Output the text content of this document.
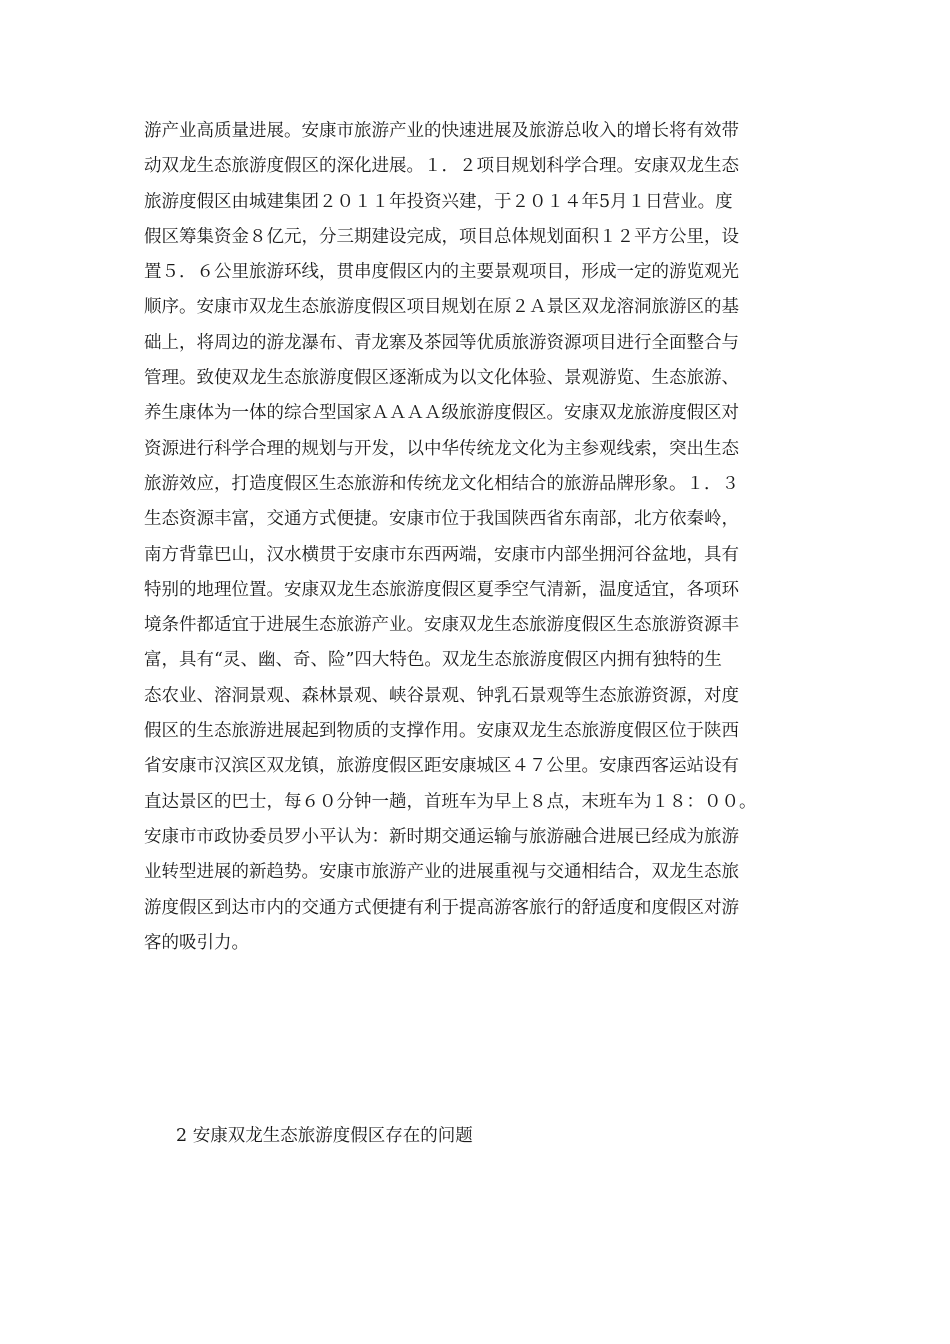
游产业高质量进展。安康市旅游产业的快速进展及旅游总收入的增长将有效带
动双龙生态旅游度假区的深化进展。１．２项目规划科学合理。安康双龙生态
旅游度假区由城建集团２０１１年投资兴建，于２０１４年5月１日营业。度
假区筹集资金８亿元，分三期建设完成，项目总体规划面积１２平方公里，设
置５．６公里旅游环线，贯串度假区内的主要景观项目，形成一定的游览观光
顺序。安康市双龙生态旅游度假区项目规划在原２Ａ景区双龙溶洞旅游区的基
础上，将周边的游龙瀑布、青龙寨及茶园等优质旅游资源项目进行全面整合与
管理。致使双龙生态旅游度假区逐渐成为以文化体验、景观游览、生态旅游、
养生康体为一体的综合型国家ＡＡＡＡ级旅游度假区。安康双龙旅游度假区对
资源进行科学合理的规划与开发，以中华传统龙文化为主参观线索，突出生态
旅游效应，打造度假区生态旅游和传统龙文化相结合的旅游品牌形象。１．３
生态资源丰富，交通方式便捷。安康市位于我国陕西省东南部，北方依秦岭，
南方背靠巴山，汉水横贯于安康市东西两端，安康市内部坐拥河谷盆地，具有
特别的地理位置。安康双龙生态旅游度假区夏季空气清新，温度适宜，各项环
境条件都适宜于进展生态旅游产业。安康双龙生态旅游度假区生态旅游资源丰
富，具有“灵、幽、奇、险”四大特色。双龙生态旅游度假区内拥有独特的生
态农业、溶洞景观、森林景观、峡谷景观、钟乳石景观等生态旅游资源，对度
假区的生态旅游进展起到物质的支撑作用。安康双龙生态旅游度假区位于陕西
省安康市汉滨区双龙镇，旅游度假区距安康城区４７公里。安康西客运站设有
直达景区的巴士，每６０分钟一趟，首班车为早上８点，末班车为１８：００。
安康市市政协委员罗小平认为：新时期交通运输与旅游融合进展已经成为旅游
业转型进展的新趋势。安康市旅游产业的进展重视与交通相结合，双龙生态旅
游度假区到达市内的交通方式便捷有利于提高游客旅行的舒适度和度假区对游
客的吸引力。
2 安康双龙生态旅游度假区存在的问题
